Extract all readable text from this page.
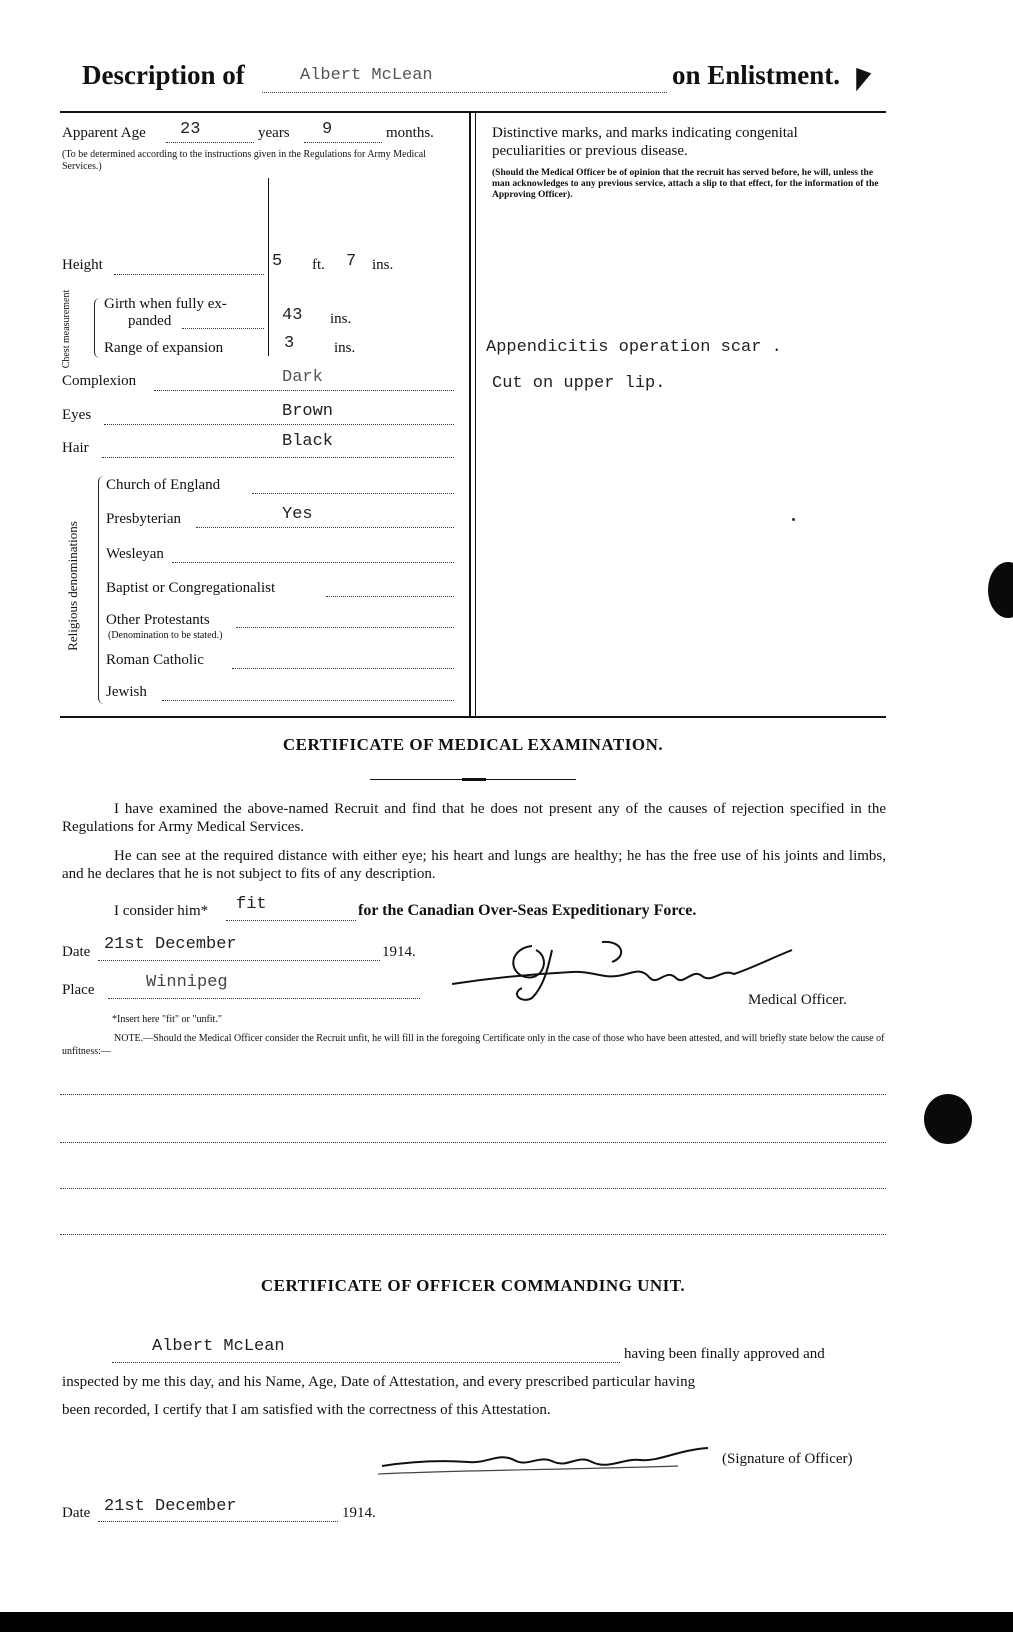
Description of	Albert McLean	on Enlistment.
Apparent Age 23	years 9	months.
(To be determined according to the instructions given in the Regulations for Army Medical Services.)
Height	5 ft. 7 ins.
Chest measurement Girth when fully ex-
panded	43 ins.
Range of expansion	3	ins.
Complexion	Dark
Eyes	Brown
Hair	Black
Religious denominations
Church of England
Presbyterian	Yes
Wesleyan
Baptist or Congregationalist
Other Protestants
(Denomination to be stated.)
Roman Catholic
Jewish
Distinctive marks, and marks indicating congenital
peculiarities or previous disease.
(Should the Medical Officer be of opinion that the recruit has served before, he will, unless the man acknowledges to any previous service, attach a slip to that effect, for the information of the Approving Officer).
Appendicitis operation scar .
Cut on upper lip.
CERTIFICATE OF MEDICAL EXAMINATION.
I have examined the above-named Recruit and find that he does not present any of the causes of rejection specified in the Regulations for Army Medical Services.
He can see at the required distance with either eye; his heart and lungs are healthy; he has the free use of his joints and limbs, and he declares that he is not subject to fits of any description.
I consider him* fit	for the Canadian Over-Seas Expeditionary Force.
Date 21st December	1914.
Place	Winnipeg
Medical Officer.
*Insert here "fit" or "unfit."
NOTE.—Should the Medical Officer consider the Recruit unfit, he will fill in the foregoing Certificate only in the case of those who have been attested, and will briefly state below the cause of unfitness:—
CERTIFICATE OF OFFICER COMMANDING UNIT.
Albert McLean	having been finally approved and
inspected by me this day, and his Name, Age, Date of Attestation, and every prescribed particular having
been recorded, I certify that I am satisfied with the correctness of this Attestation.
(Signature of Officer)
Date 21st December	1914.
